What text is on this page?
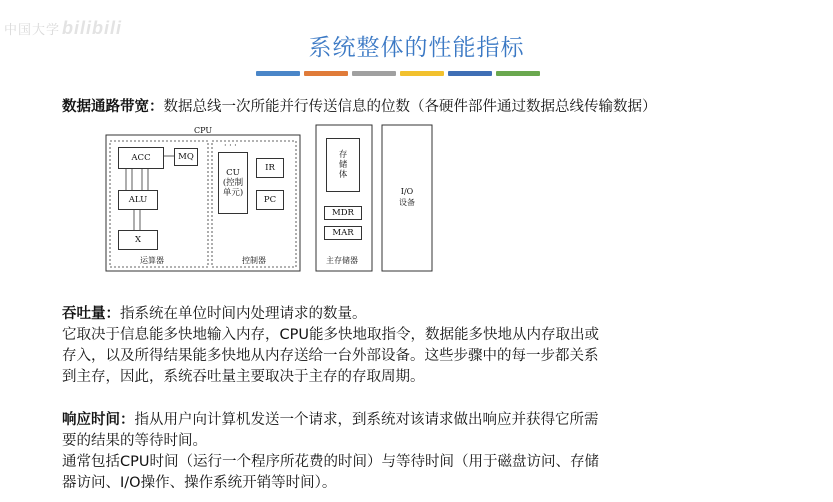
中国大学 bilibili
系统整体的性能指标
数据通路带宽：数据总线一次所能并行传送信息的位数（各硬件部件通过数据总线传输数据）
CPU
ACC	MQ
ALU
X
运算器
· · ·
CU
(控制
单元)
IR
PC
控制器
存
储
体
MDR
MAR
主存储器
I/O
设备
吞吐量：指系统在单位时间内处理请求的数量。
它取决于信息能多快地输入内存，CPU能多快地取指令，数据能多快地从内存取出或
存入，以及所得结果能多快地从内存送给一台外部设备。这些步骤中的每一步都关系
到主存，因此，系统吞吐量主要取决于主存的存取周期。
响应时间：指从用户向计算机发送一个请求，到系统对该请求做出响应并获得它所需
要的结果的等待时间。
通常包括CPU时间（运行一个程序所花费的时间）与等待时间（用于磁盘访问、存储
器访问、I/O操作、操作系统开销等时间）。
